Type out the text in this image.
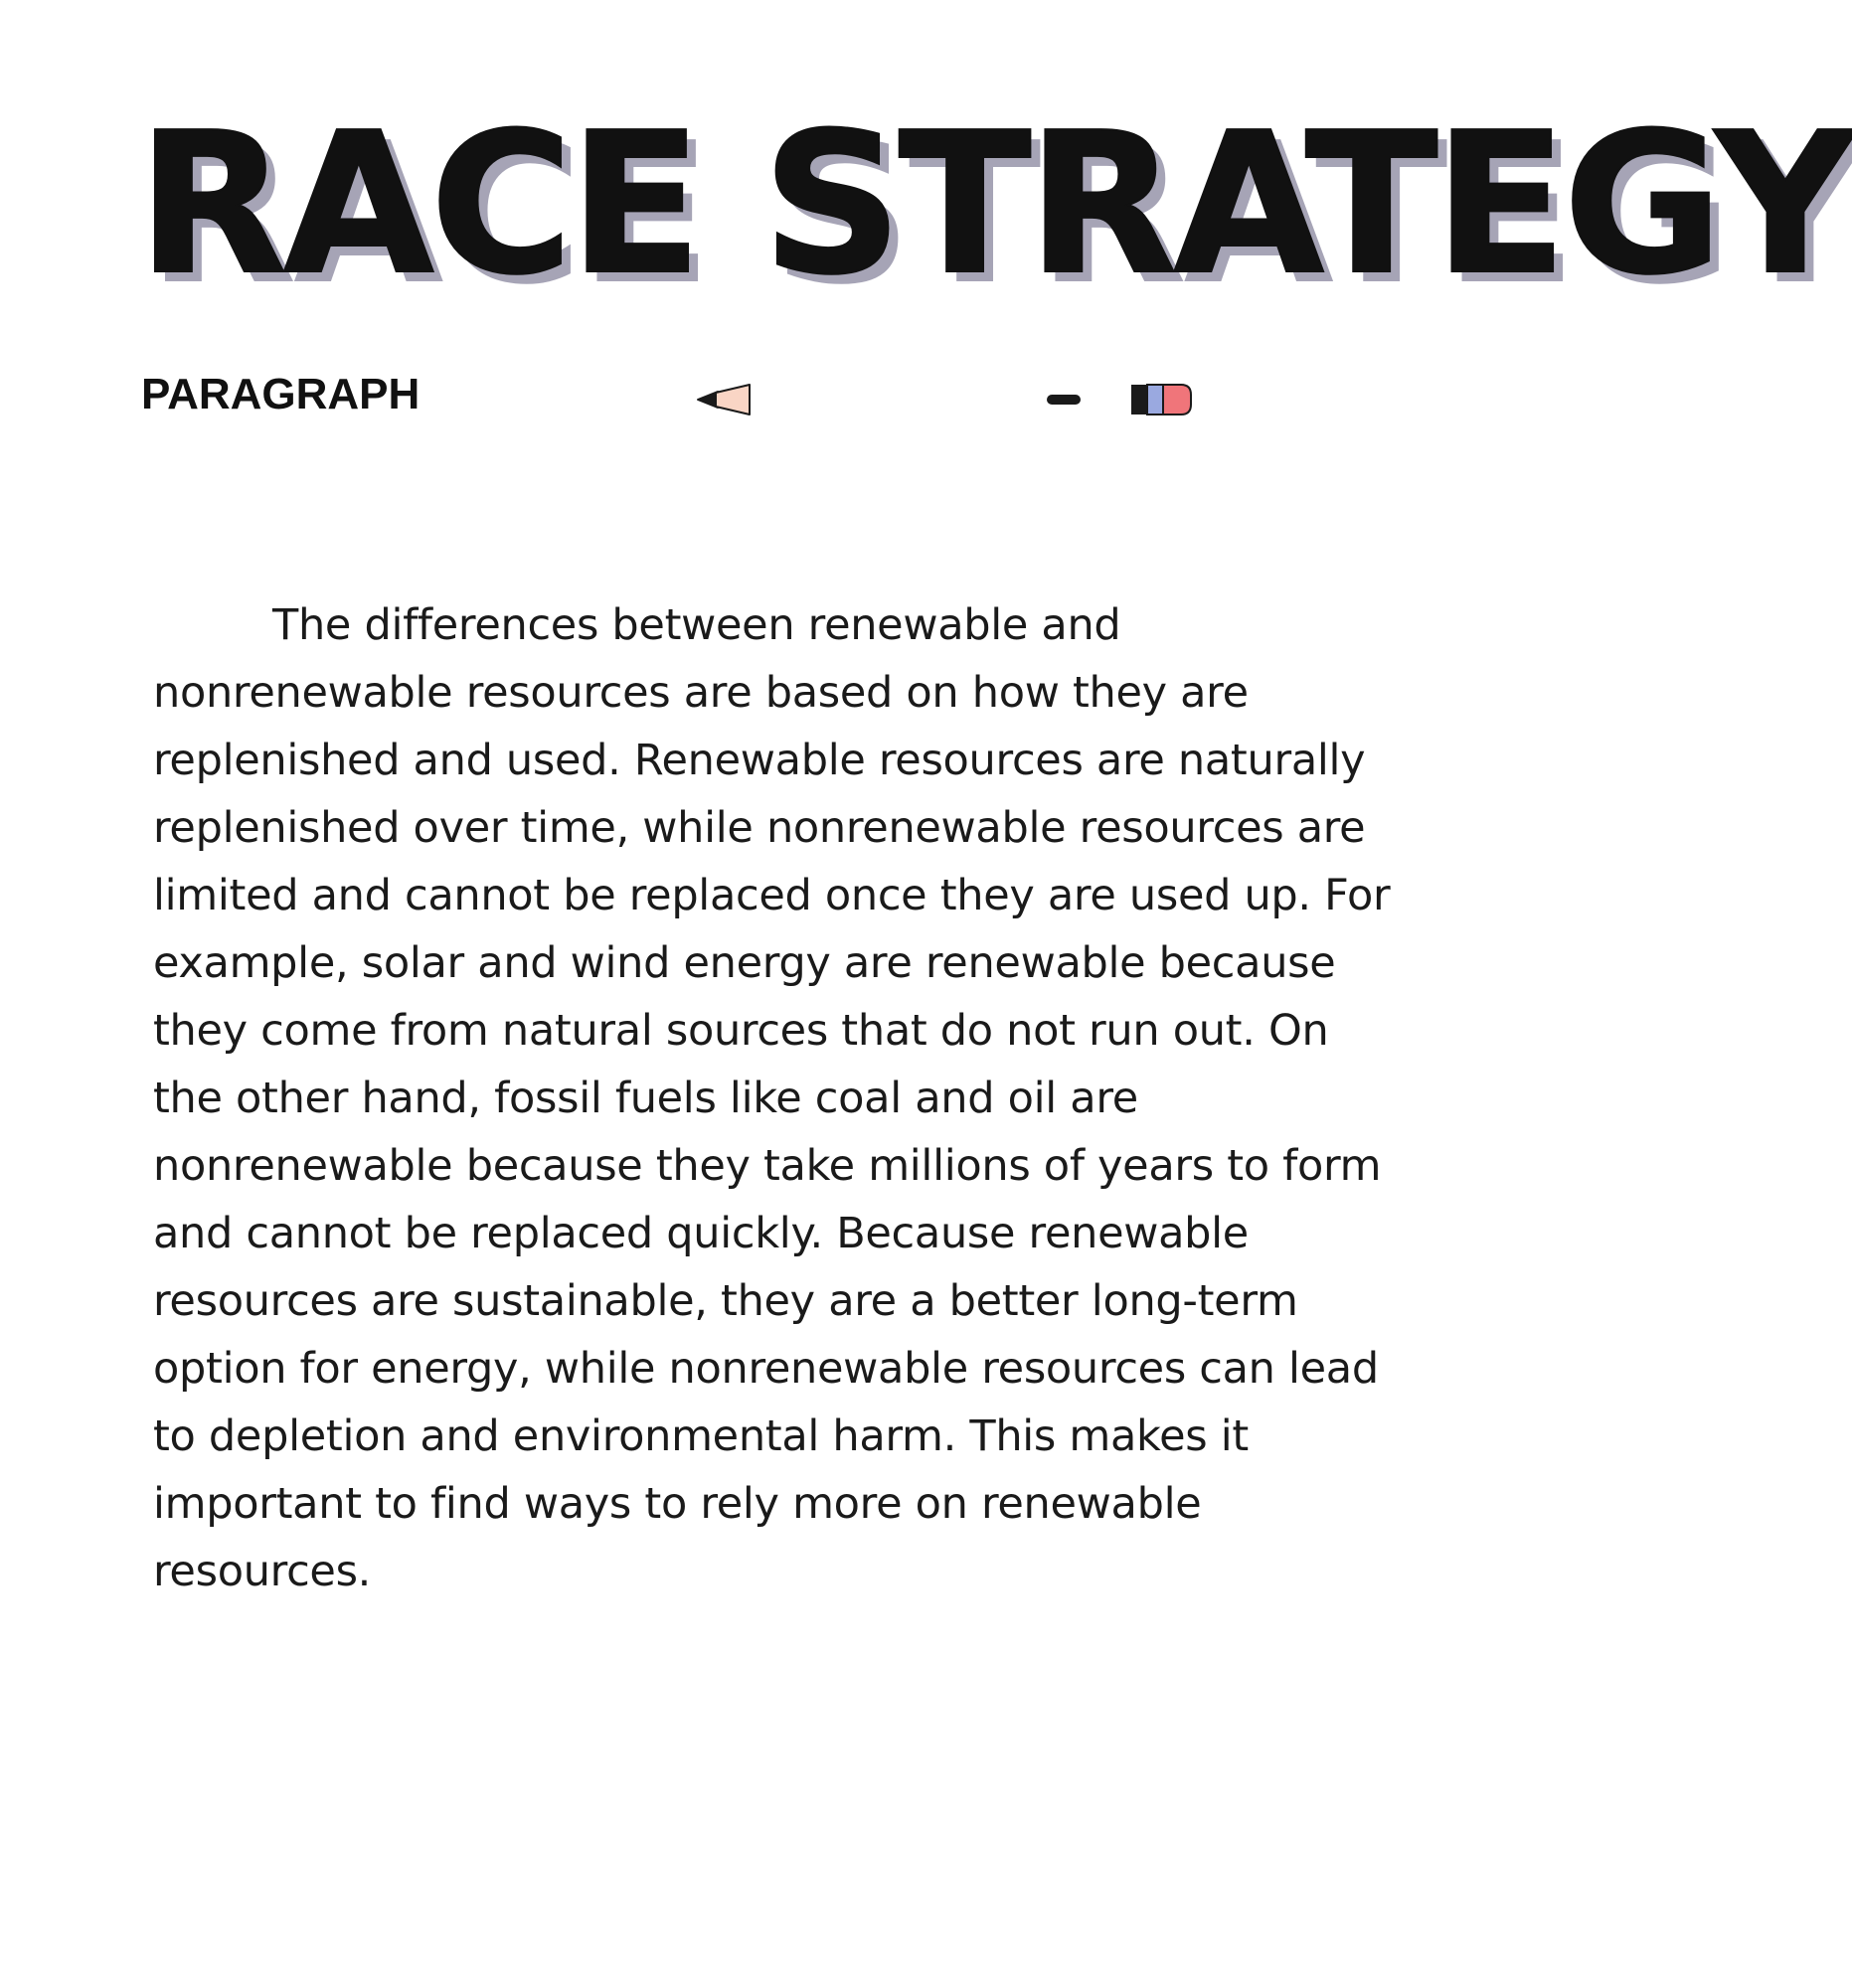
RACE STRATEGY
PARAGRAPH

The differences between renewable and nonrenewable resources are based on how they are replenished and used. Renewable resources are naturally replenished over time, while nonrenewable resources are limited and cannot be replaced once they are used up. For example, solar and wind energy are renewable because they come from natural sources that do not run out. On the other hand, fossil fuels like coal and oil are nonrenewable because they take millions of years to form and cannot be replaced quickly. Because renewable resources are sustainable, they are a better long-term option for energy, while nonrenewable resources can lead to depletion and environmental harm. This makes it important to find ways to rely more on renewable resources.
